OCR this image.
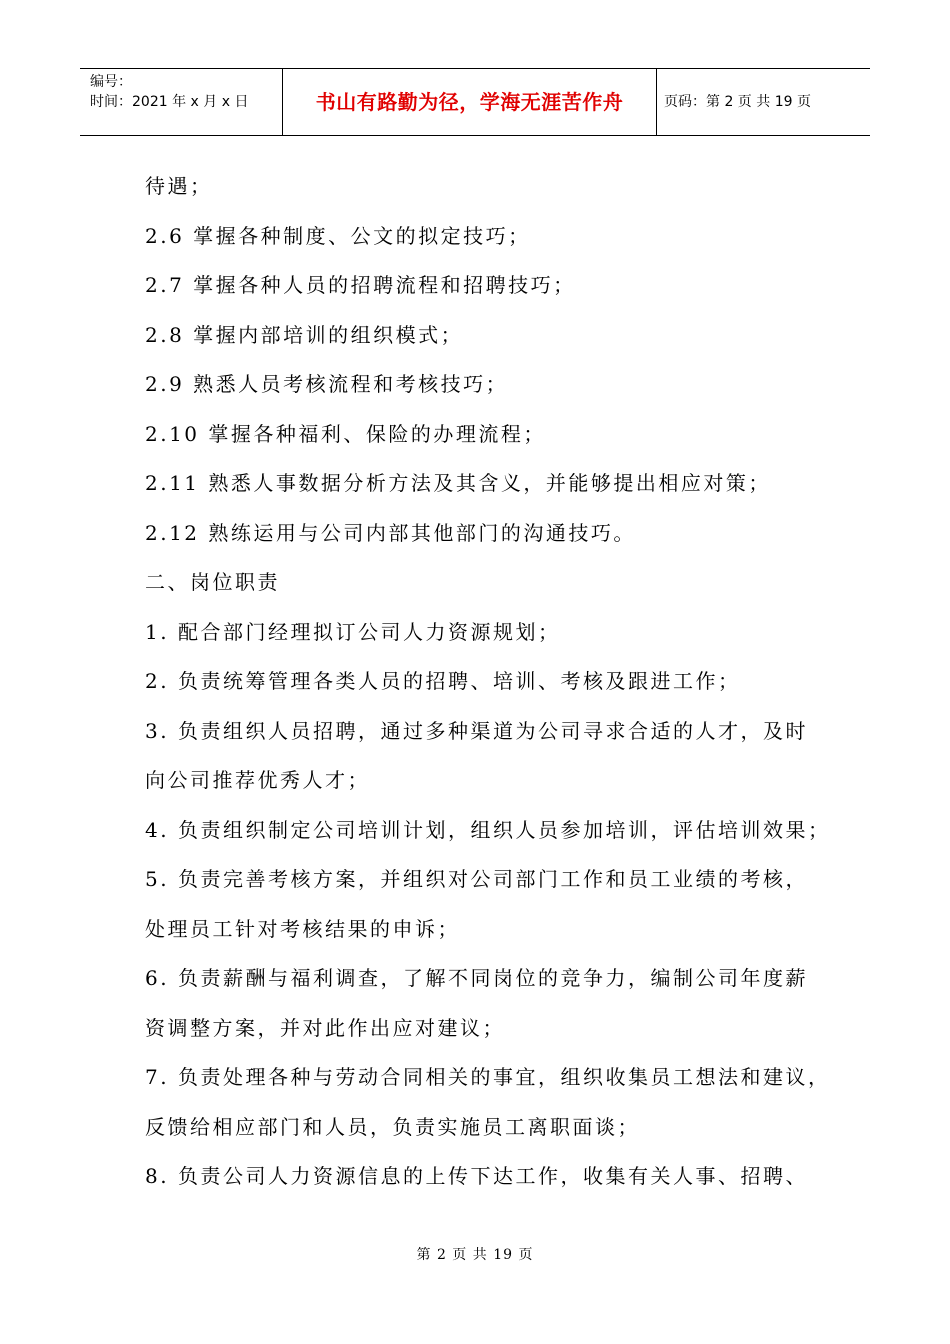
编号：
时间：2021 年 x 月 x 日	书山有路勤为径，学海无涯苦作舟	页码：第 2 页 共 19 页
待遇；
2.6 掌握各种制度、公文的拟定技巧；
2.7 掌握各种人员的招聘流程和招聘技巧；
2.8 掌握内部培训的组织模式；
2.9 熟悉人员考核流程和考核技巧；
2.10 掌握各种福利、保险的办理流程；
2.11 熟悉人事数据分析方法及其含义，并能够提出相应对策；
2.12 熟练运用与公司内部其他部门的沟通技巧。
二、岗位职责
1. 配合部门经理拟订公司人力资源规划；
2. 负责统筹管理各类人员的招聘、培训、考核及跟进工作；
3. 负责组织人员招聘，通过多种渠道为公司寻求合适的人才，及时
向公司推荐优秀人才；
4. 负责组织制定公司培训计划，组织人员参加培训，评估培训效果；
5. 负责完善考核方案，并组织对公司部门工作和员工业绩的考核，
处理员工针对考核结果的申诉；
6. 负责薪酬与福利调查，了解不同岗位的竞争力，编制公司年度薪
资调整方案，并对此作出应对建议；
7. 负责处理各种与劳动合同相关的事宜，组织收集员工想法和建议，
反馈给相应部门和人员，负责实施员工离职面谈；
8. 负责公司人力资源信息的上传下达工作，收集有关人事、招聘、
第 2 页 共 19 页
